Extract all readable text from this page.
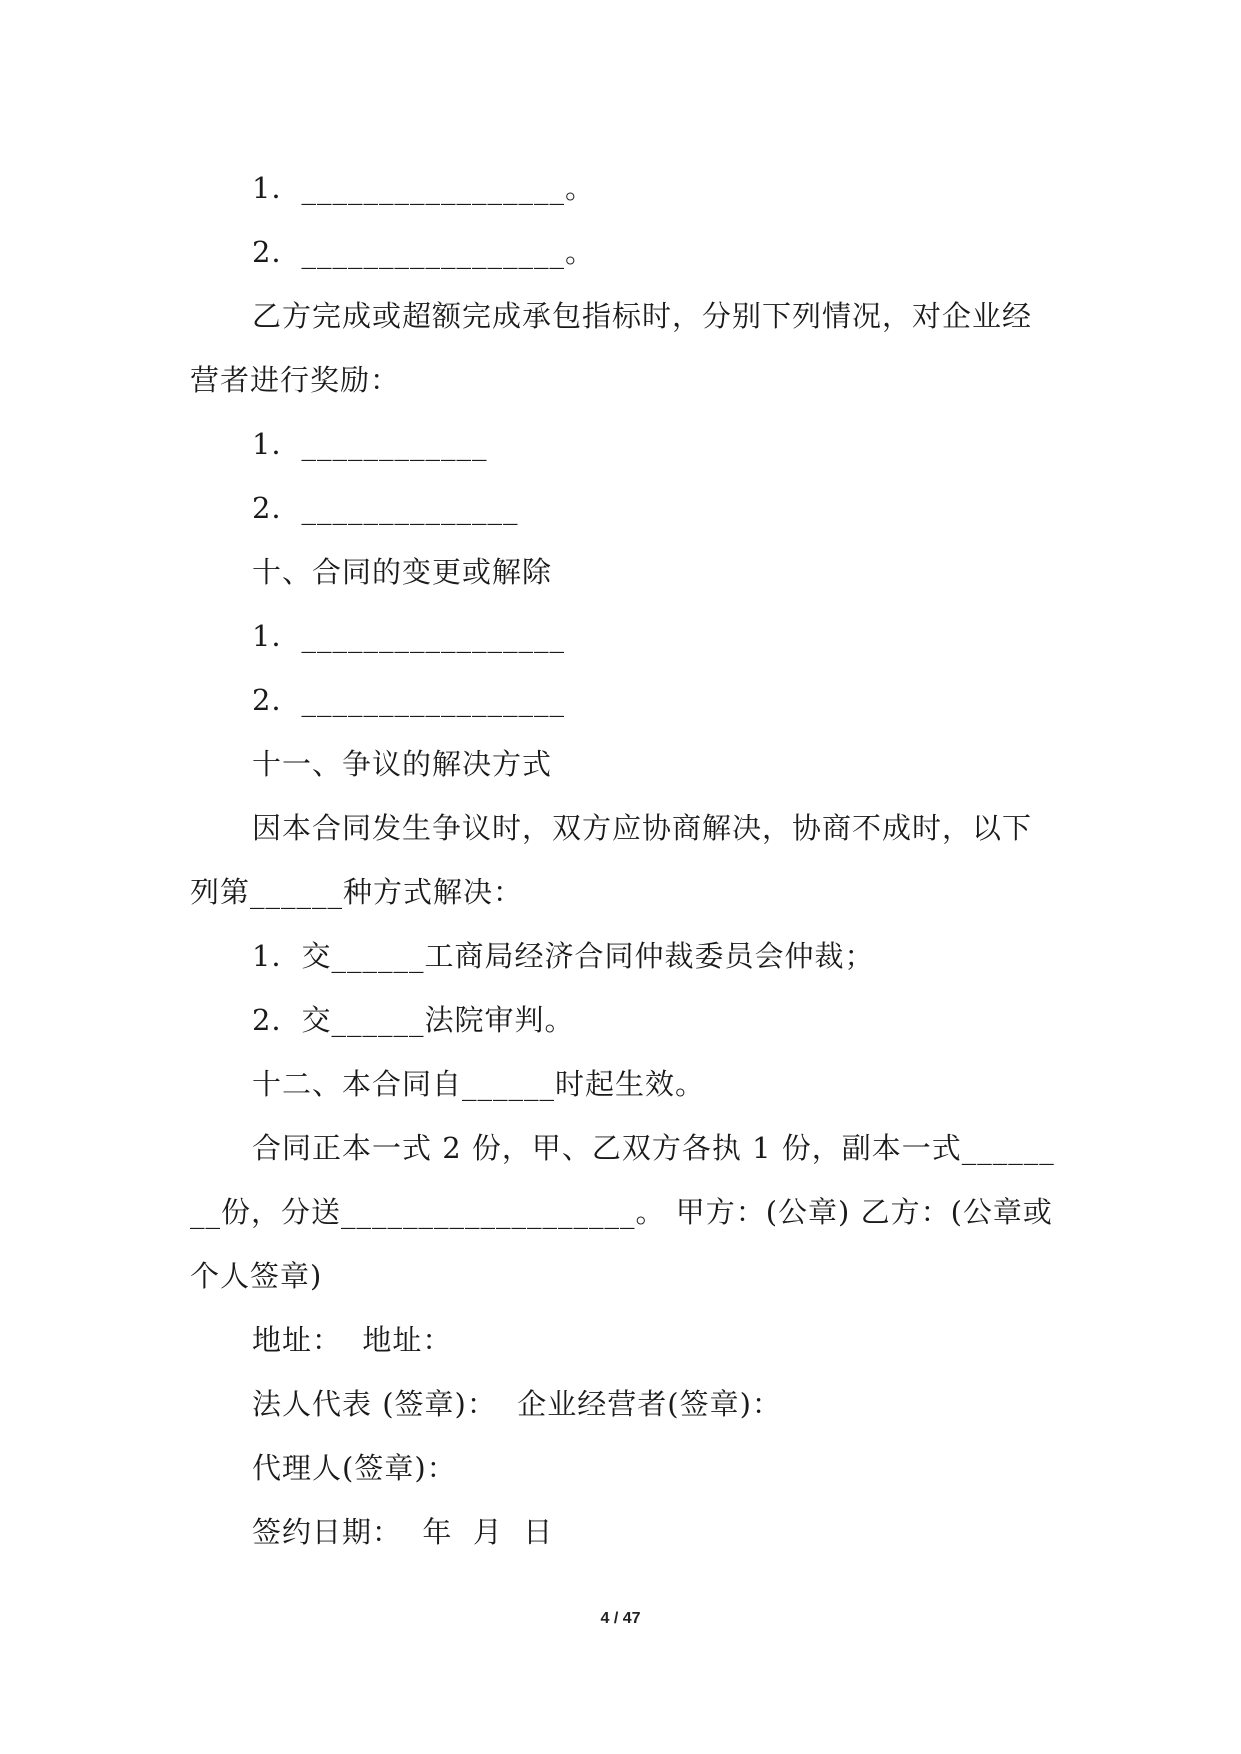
1．_________________。
2．_________________。
乙方完成或超额完成承包指标时，分别下列情况，对企业经
营者进行奖励：
1．____________
2．______________
十、合同的变更或解除
1．_________________
2．_________________
十一、争议的解决方式
因本合同发生争议时，双方应协商解决，协商不成时，以下
列第______种方式解决：
1．交______工商局经济合同仲裁委员会仲裁；
2．交______法院审判。
十二、本合同自______时起生效。
合同正本一式 2 份，甲、乙双方各执 1 份，副本一式______
__份，分送___________________。 甲方：(公章) 乙方：(公章或
个人签章)
地址：  地址：
法人代表 (签章)：  企业经营者(签章)：
代理人(签章)：
签约日期：  年  月  日
4 / 47
